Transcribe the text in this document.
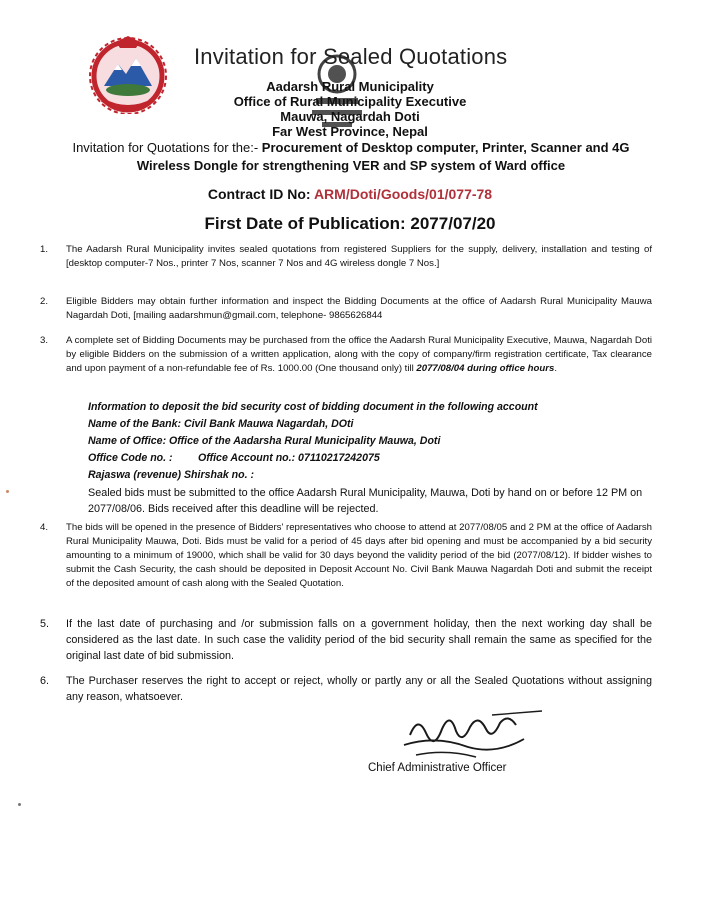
Invitation for Sealed Quotations
Aadarsh Rural Municipality
Office of Rural Municipality Executive
Mauwa, Nagardah Doti
Far West Province, Nepal
Invitation for Quotations for the:- Procurement of Desktop computer, Printer, Scanner and 4G Wireless Dongle for strengthening VER and SP system of Ward office
Contract ID No: ARM/Doti/Goods/01/077-78
First Date of Publication: 2077/07/20
1.	The Aadarsh Rural Municipality invites sealed quotations from registered Suppliers for the supply, delivery, installation and testing of [desktop computer-7 Nos., printer 7 Nos, scanner 7 Nos and 4G wireless dongle 7 Nos.]
2.	Eligible Bidders may obtain further information and inspect the Bidding Documents at the office of Aadarsh Rural Municipality Mauwa Nagardah Doti, [mailing aadarshmun@gmail.com, telephone- 9865626844
3.	A complete set of Bidding Documents may be purchased from the office the Aadarsh Rural Municipality Executive, Mauwa, Nagardah Doti by eligible Bidders on the submission of a written application, along with the copy of company/firm registration certificate, Tax clearance and upon payment of a non-refundable fee of Rs. 1000.00 (One thousand only) till 2077/08/04 during office hours.
Information to deposit the bid security cost of bidding document in the following account
Name of the Bank: Civil Bank Mauwa Nagardah, DOti
Name of Office: Office of the Aadarsha Rural Municipality Mauwa, Doti
Office Code no. : Office Account no.: 07110217242075
Rajaswa (revenue) Shirshak no. :
Sealed bids must be submitted to the office Aadarsh Rural Municipality, Mauwa, Doti by hand on or before 12 PM on 2077/08/06. Bids received after this deadline will be rejected.
4.	The bids will be opened in the presence of Bidders' representatives who choose to attend at 2077/08/05 and 2 PM at the office of Aadarsh Rural Municipality Mauwa, Doti. Bids must be valid for a period of 45 days after bid opening and must be accompanied by a bid security amounting to a minimum of 19000, which shall be valid for 30 days beyond the validity period of the bid (2077/08/12). If bidder wishes to submit the Cash Security, the cash should be deposited in Deposit Account No. Civil Bank Mauwa Nagardah Doti and submit the receipt of the deposited amount of cash along with the Sealed Quotation.
5.	If the last date of purchasing and /or submission falls on a government holiday, then the next working day shall be considered as the last date. In such case the validity period of the bid security shall remain the same as specified for the original last date of bid submission.
6.	The Purchaser reserves the right to accept or reject, wholly or partly any or all the Sealed Quotations without assigning any reason, whatsoever.
Chief Administrative Officer
